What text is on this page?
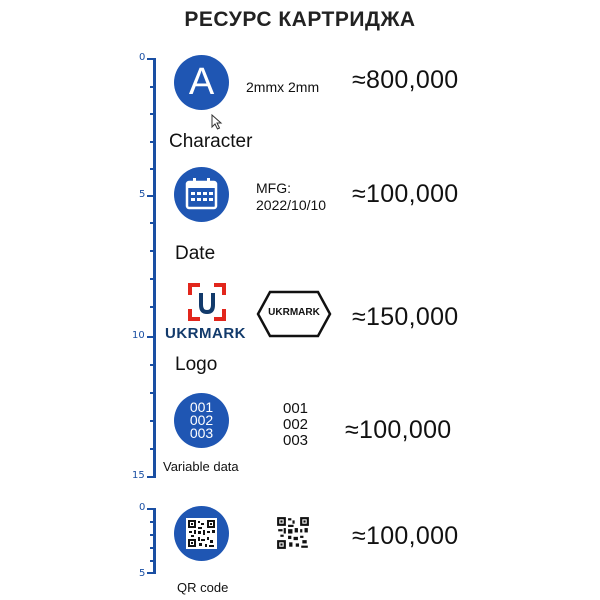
РЕСУРС КАРТРИДЖА
0
5
10
15
0
5
A	2mmx 2mm ≈800,000
Character
MFG:
2022/10/10 ≈100,000
Date
UKRMARK
UKRMARK	≈150,000
Logo
001
002
003
001
002
003 ≈100,000
Variable data
≈100,000
QR code
